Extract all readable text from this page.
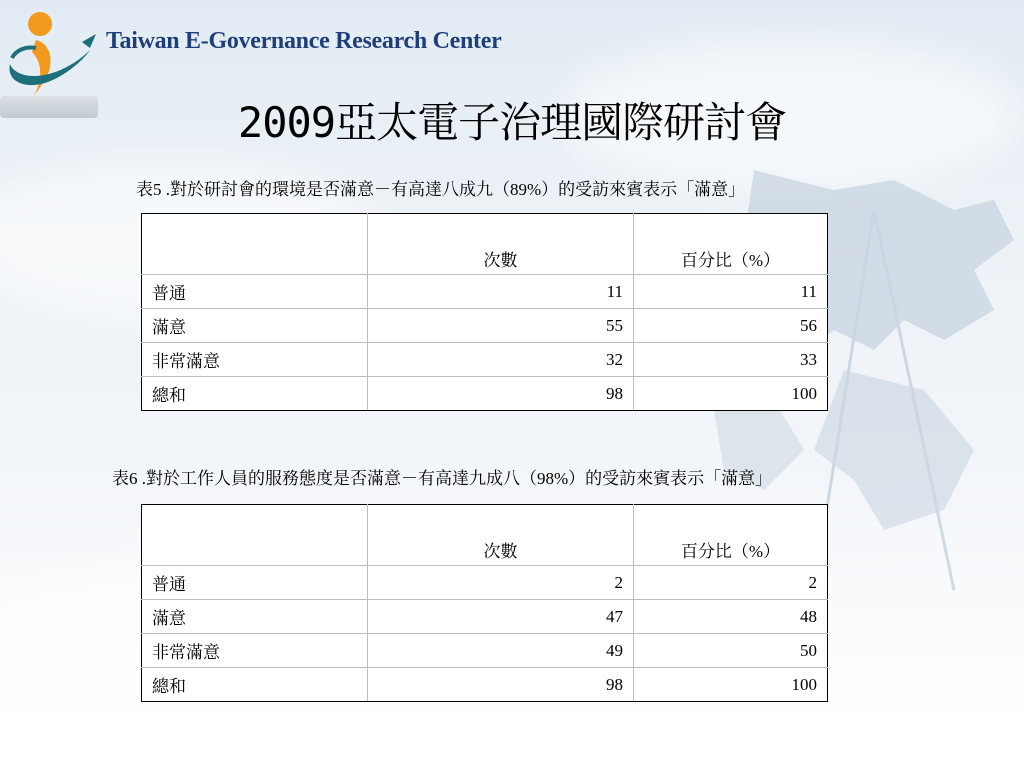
Taiwan E-Governance Research Center
2009亞太電子治理國際研討會
表5 .對於研討會的環境是否滿意－有高達八成九（89%）的受訪來賓表示「滿意」
	次數	百分比（%）
普通	11	11
滿意	55	56
非常滿意	32	33
總和	98	100
表6 .對於工作人員的服務態度是否滿意－有高達九成八（98%）的受訪來賓表示「滿意」
	次數	百分比（%）
普通	2	2
滿意	47	48
非常滿意	49	50
總和	98	100
